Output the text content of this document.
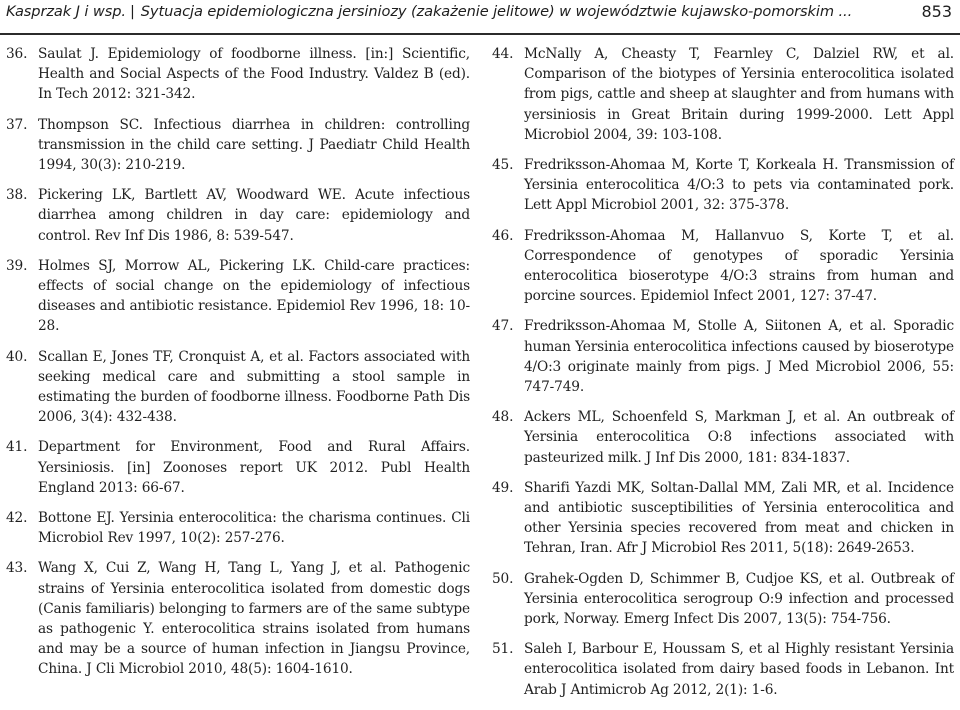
Kasprzak J i wsp. | Sytuacja epidemiologiczna jersiniozy (zakażenie jelitowe) w województwie kujawsko-pomorskim ...	853
36. Saulat J. Epidemiology of foodborne illness. [in:] Scientific, Health and Social Aspects of the Food Industry. Valdez B (ed). In Tech 2012: 321-342.
37. Thompson SC. Infectious diarrhea in children: controlling transmission in the child care setting. J Paediatr Child Health 1994, 30(3): 210-219.
38. Pickering LK, Bartlett AV, Woodward WE. Acute infectious diarrhea among children in day care: epidemiology and control. Rev Inf Dis 1986, 8: 539-547.
39. Holmes SJ, Morrow AL, Pickering LK. Child-care practices: effects of social change on the epidemiology of infectious diseases and antibiotic resistance. Epidemiol Rev 1996, 18: 10-28.
40. Scallan E, Jones TF, Cronquist A, et al. Factors associated with seeking medical care and submitting a stool sample in estimating the burden of foodborne illness. Foodborne Path Dis 2006, 3(4): 432-438.
41. Department for Environment, Food and Rural Affairs. Yersiniosis. [in] Zoonoses report UK 2012. Publ Health England 2013: 66-67.
42. Bottone EJ. Yersinia enterocolitica: the charisma continues. Cli Microbiol Rev 1997, 10(2): 257-276.
43. Wang X, Cui Z, Wang H, Tang L, Yang J, et al. Pathogenic strains of Yersinia enterocolitica isolated from domestic dogs (Canis familiaris) belonging to farmers are of the same subtype as pathogenic Y. enterocolitica strains isolated from humans and may be a source of human infection in Jiangsu Province, China. J Cli Microbiol 2010, 48(5): 1604-1610.
44. McNally A, Cheasty T, Fearnley C, Dalziel RW, et al. Comparison of the biotypes of Yersinia enterocolitica isolated from pigs, cattle and sheep at slaughter and from humans with yersiniosis in Great Britain during 1999-2000. Lett Appl Microbiol 2004, 39: 103-108.
45. Fredriksson-Ahomaa M, Korte T, Korkeala H. Transmission of Yersinia enterocolitica 4/O:3 to pets via contaminated pork. Lett Appl Microbiol 2001, 32: 375-378.
46. Fredriksson-Ahomaa M, Hallanvuo S, Korte T, et al. Correspondence of genotypes of sporadic Yersinia enterocolitica bioserotype 4/O:3 strains from human and porcine sources. Epidemiol Infect 2001, 127: 37-47.
47. Fredriksson-Ahomaa M, Stolle A, Siitonen A, et al. Sporadic human Yersinia enterocolitica infections caused by bioserotype 4/O:3 originate mainly from pigs. J Med Microbiol 2006, 55: 747-749.
48. Ackers ML, Schoenfeld S, Markman J, et al. An outbreak of Yersinia enterocolitica O:8 infections associated with pasteurized milk. J Inf Dis 2000, 181: 834-1837.
49. Sharifi Yazdi MK, Soltan-Dallal MM, Zali MR, et al. Incidence and antibiotic susceptibilities of Yersinia enterocolitica and other Yersinia species recovered from meat and chicken in Tehran, Iran. Afr J Microbiol Res 2011, 5(18): 2649-2653.
50. Grahek-Ogden D, Schimmer B, Cudjoe KS, et al. Outbreak of Yersinia enterocolitica serogroup O:9 infection and processed pork, Norway. Emerg Infect Dis 2007, 13(5): 754-756.
51. Saleh I, Barbour E, Houssam S, et al Highly resistant Yersinia enterocolitica isolated from dairy based foods in Lebanon. Int Arab J Antimicrob Ag 2012, 2(1): 1-6.
